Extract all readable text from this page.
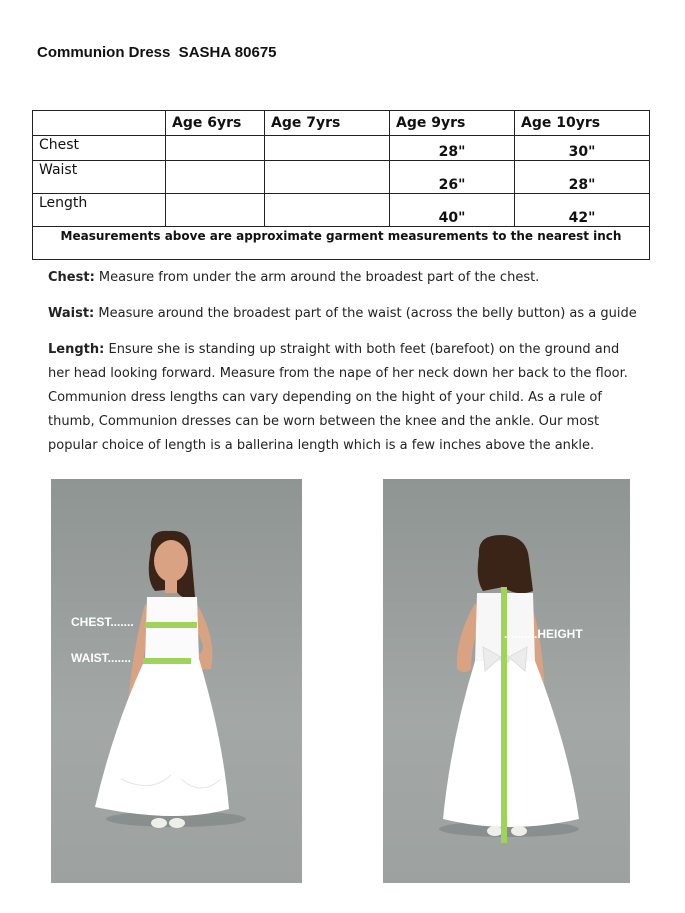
Communion Dress  SASHA 80675
	Age 6yrs	Age 7yrs	Age 9yrs	Age 10yrs
Chest			28"	30"
Waist			26"	28"
Length			40"	42"
Measurements above are approximate garment measurements to the nearest inch				
Chest: Measure from under the arm around the broadest part of the chest.
Waist: Measure around the broadest part of the waist (across the belly button) as a guide
Length: Ensure she is standing up straight with both feet (barefoot) on the ground and her head looking forward. Measure from the nape of her neck down her back to the floor. Communion dress lengths can vary depending on the hight of your child. As a rule of thumb, Communion dresses can be worn between the knee and the ankle. Our most popular choice of length is a ballerina length which is a few inches above the ankle.
CHEST.......
WAIST.......
..........HEIGHT
